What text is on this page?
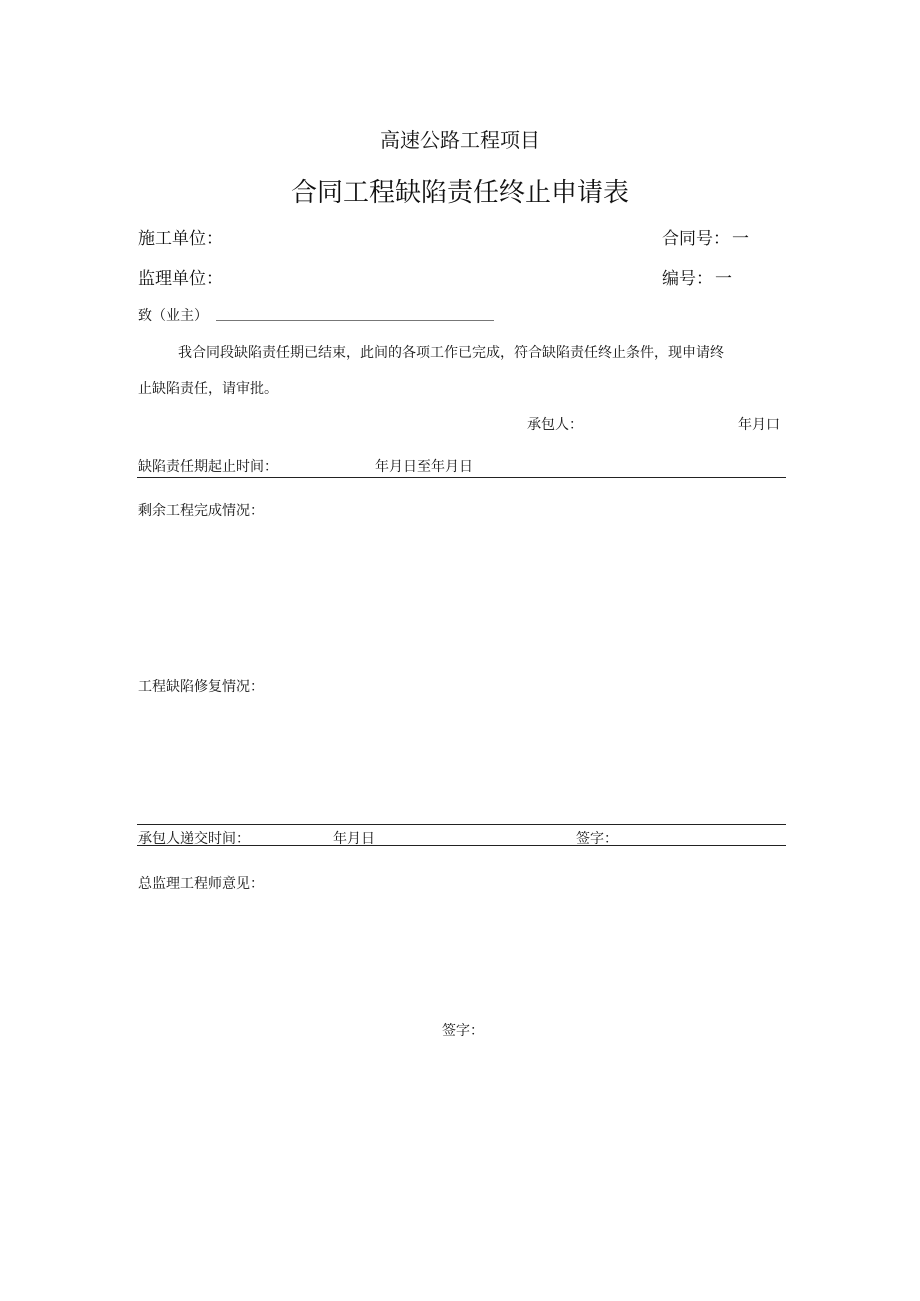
高速公路工程项目
合同工程缺陷责任终止申请表
施工单位：	合同号： 一
监理单位：	编号： 一
致（业主）
我合同段缺陷责任期已结束，此间的各项工作已完成，符合缺陷责任终止条件，现申请终
止缺陷责任，请审批。
承包人：	年月口
缺陷责任期起止时间：	年月日至年月日
剩余工程完成情况：
工程缺陷修复情况：
承包人递交时间：	年月日	签字：
总监理工程师意见：
签字：
